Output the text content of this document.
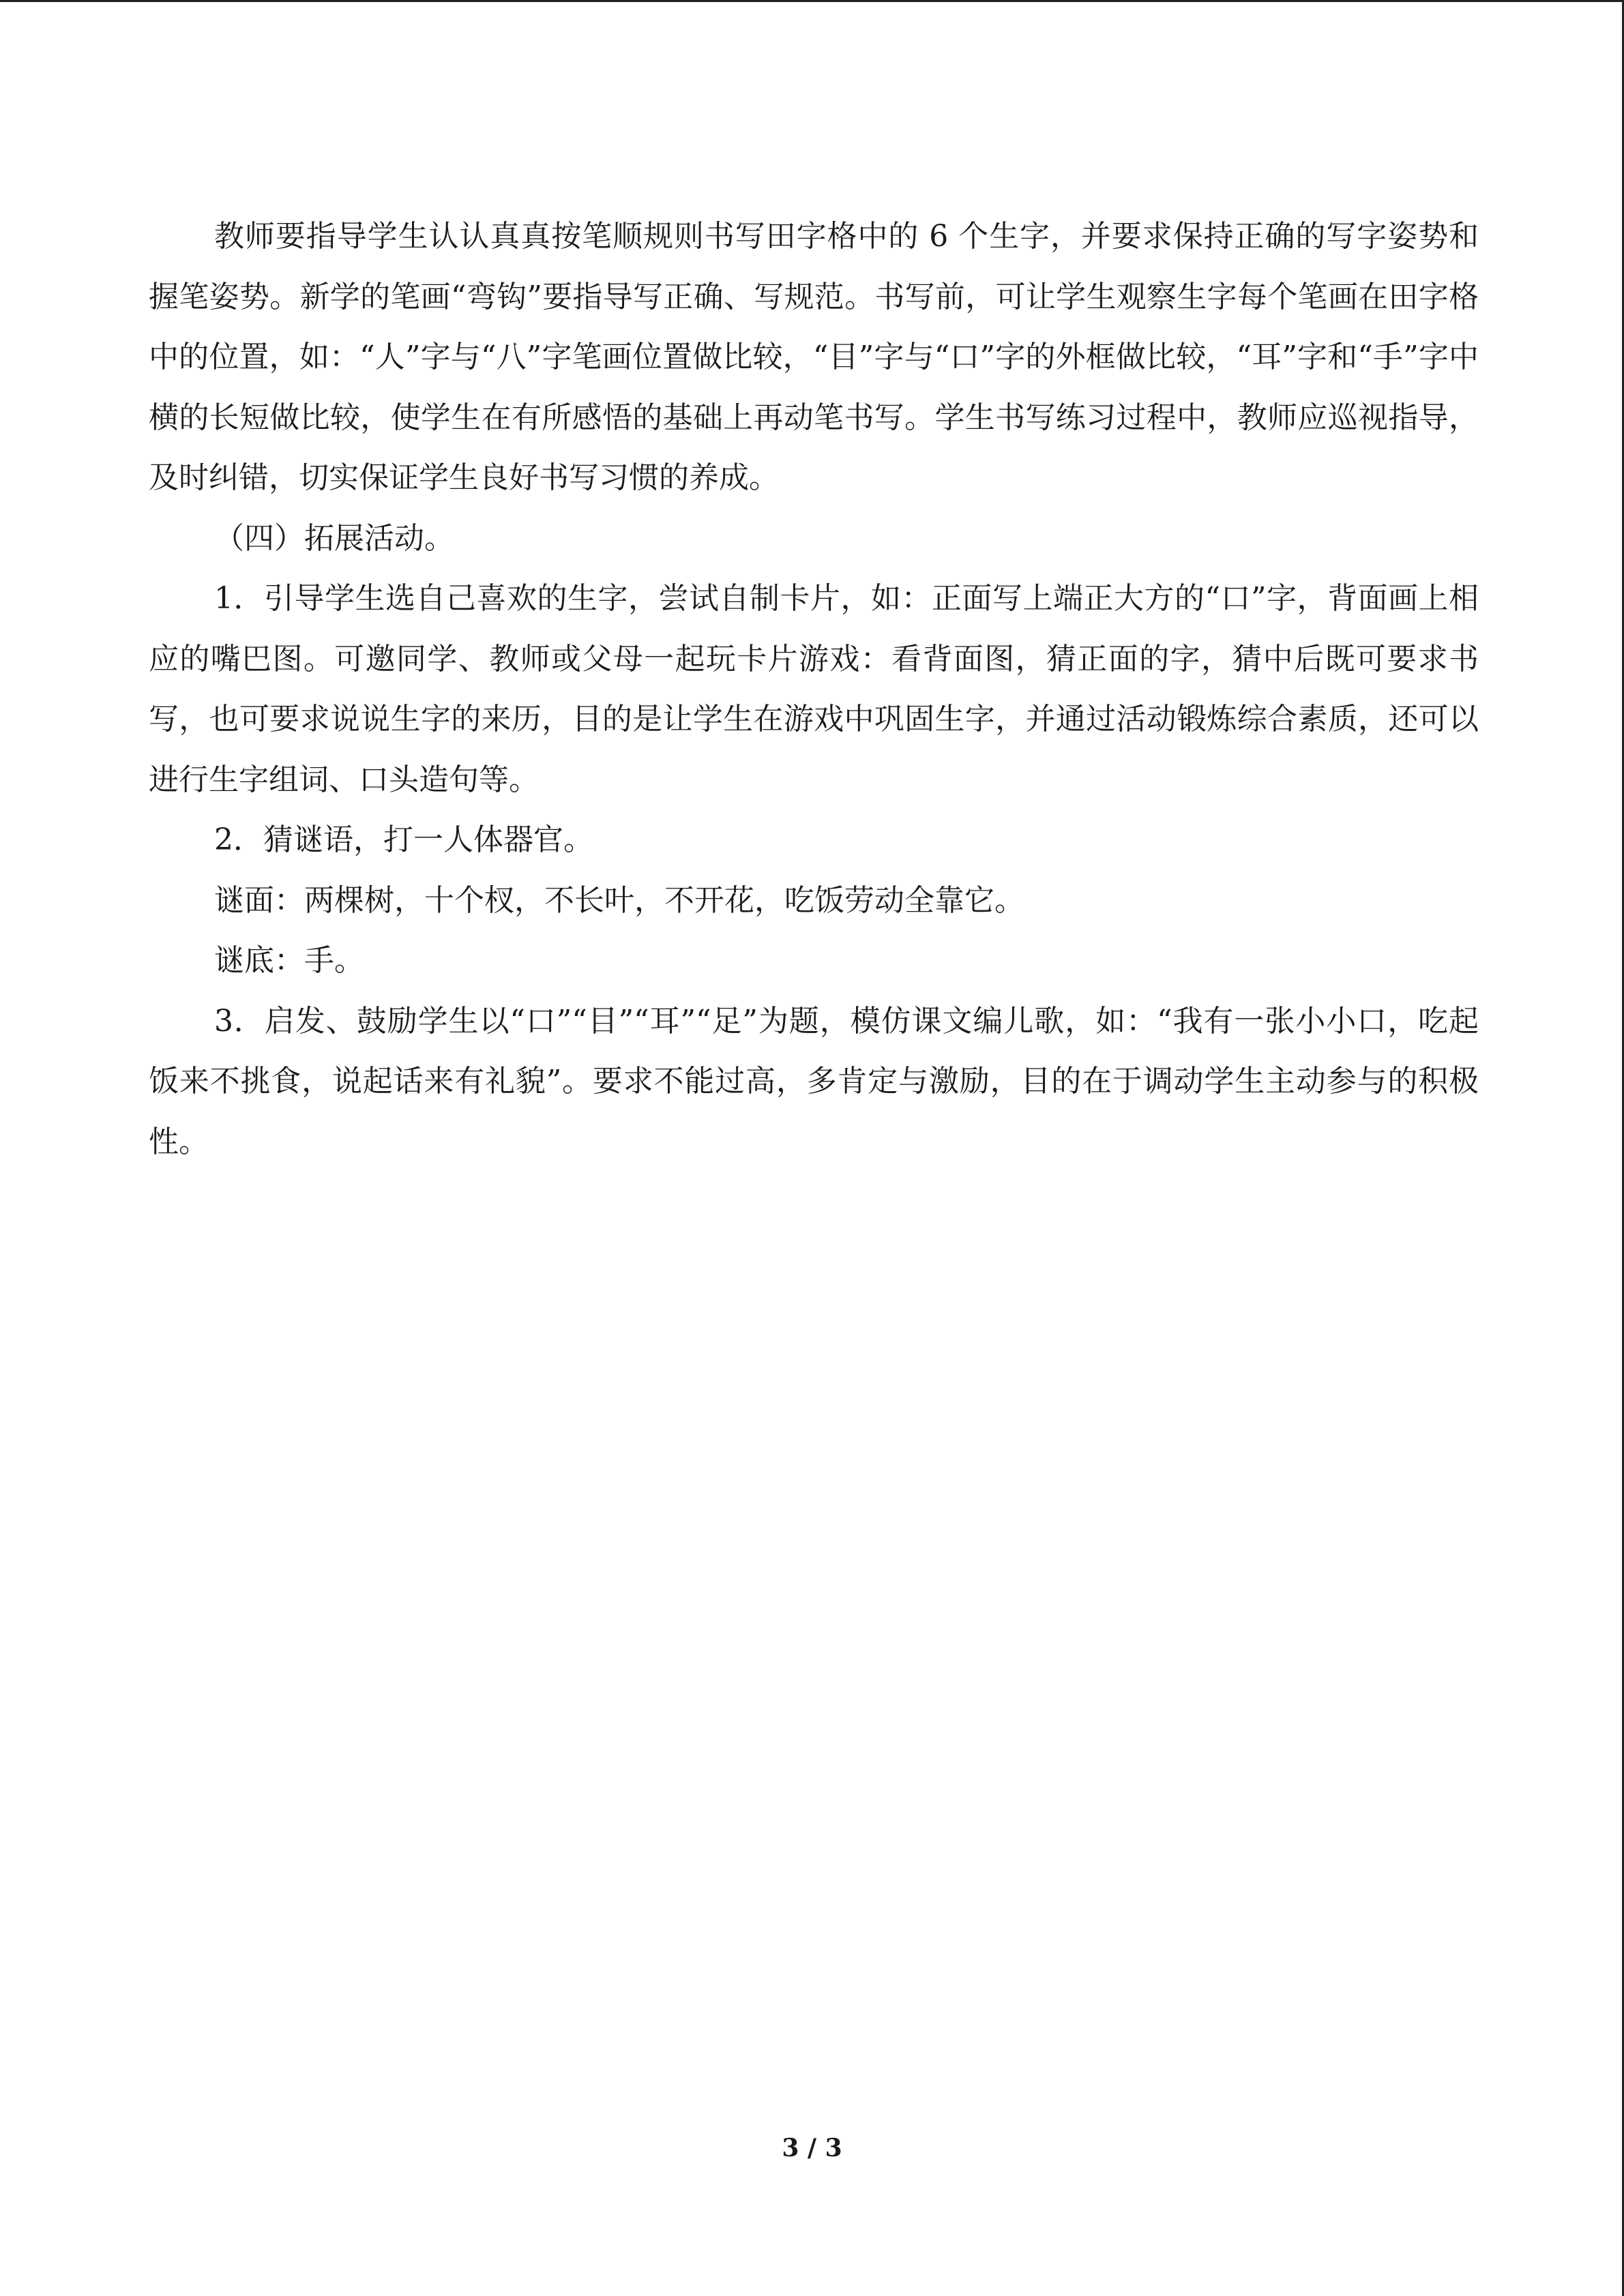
教师要指导学生认认真真按笔顺规则书写田字格中的 6 个生字，并要求保持正确的写字姿势和握笔姿势。新学的笔画“弯钩”要指导写正确、写规范。书写前，可让学生观察生字每个笔画在田字格中的位置，如：“人”字与“八”字笔画位置做比较，“目”字与“口”字的外框做比较，“耳”字和“手”字中横的长短做比较，使学生在有所感悟的基础上再动笔书写。学生书写练习过程中，教师应巡视指导，及时纠错，切实保证学生良好书写习惯的养成。

（四）拓展活动。

1．引导学生选自己喜欢的生字，尝试自制卡片，如：正面写上端正大方的“口”字，背面画上相应的嘴巴图。可邀同学、教师或父母一起玩卡片游戏：看背面图，猜正面的字，猜中后既可要求书写，也可要求说说生字的来历，目的是让学生在游戏中巩固生字，并通过活动锻炼综合素质，还可以进行生字组词、口头造句等。

2．猜谜语，打一人体器官。

谜面：两棵树，十个杈，不长叶，不开花，吃饭劳动全靠它。

谜底：手。

3．启发、鼓励学生以“口”“目”“耳”“足”为题，模仿课文编儿歌，如：“我有一张小小口，吃起饭来不挑食，说起话来有礼貌”。要求不能过高，多肯定与激励，目的在于调动学生主动参与的积极性。

3 / 3
